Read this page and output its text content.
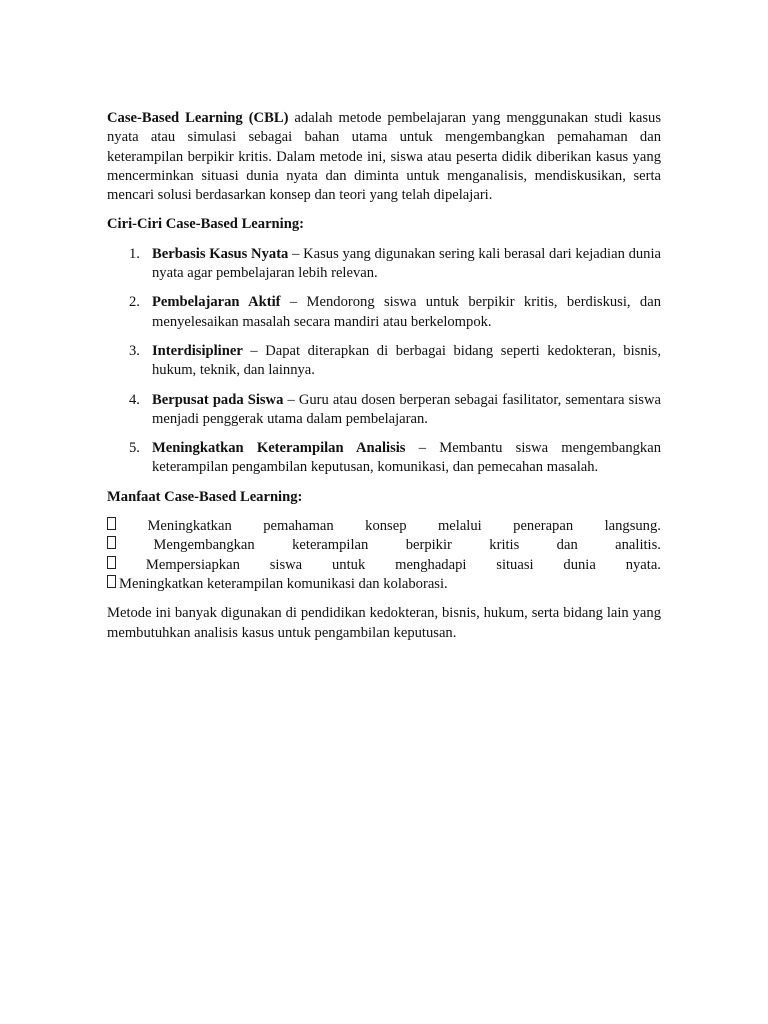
Case-Based Learning (CBL) adalah metode pembelajaran yang menggunakan studi kasus nyata atau simulasi sebagai bahan utama untuk mengembangkan pemahaman dan keterampilan berpikir kritis. Dalam metode ini, siswa atau peserta didik diberikan kasus yang mencerminkan situasi dunia nyata dan diminta untuk menganalisis, mendiskusikan, serta mencari solusi berdasarkan konsep dan teori yang telah dipelajari.

Ciri-Ciri Case-Based Learning:

1. Berbasis Kasus Nyata – Kasus yang digunakan sering kali berasal dari kejadian dunia nyata agar pembelajaran lebih relevan.
2. Pembelajaran Aktif – Mendorong siswa untuk berpikir kritis, berdiskusi, dan menyelesaikan masalah secara mandiri atau berkelompok.
3. Interdisipliner – Dapat diterapkan di berbagai bidang seperti kedokteran, bisnis, hukum, teknik, dan lainnya.
4. Berpusat pada Siswa – Guru atau dosen berperan sebagai fasilitator, sementara siswa menjadi penggerak utama dalam pembelajaran.
5. Meningkatkan Keterampilan Analisis – Membantu siswa mengembangkan keterampilan pengambilan keputusan, komunikasi, dan pemecahan masalah.

Manfaat Case-Based Learning:

Meningkatkan pemahaman konsep melalui penerapan langsung.
Mengembangkan	keterampilan	berpikir	kritis	dan	analitis.
Mempersiapkan siswa untuk menghadapi situasi dunia nyata.
Meningkatkan keterampilan komunikasi dan kolaborasi.

Metode ini banyak digunakan di pendidikan kedokteran, bisnis, hukum, serta bidang lain yang membutuhkan analisis kasus untuk pengambilan keputusan.
